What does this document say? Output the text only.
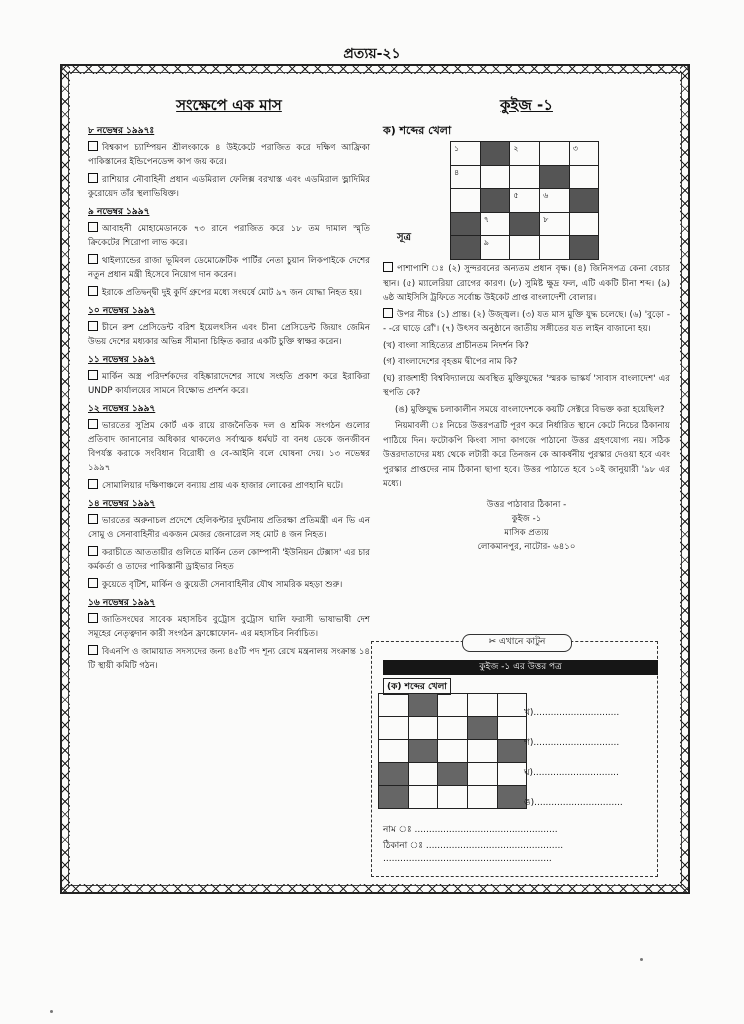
প্রত্যয়-২১
সংক্ষেপে এক মাস
৮ নভেম্বর ১৯৯৭ঃ
বিশ্বকাপ চ্যাম্পিয়ন শ্রীলংকাকে ৪ উইকেটে পরাজিত করে দক্ষিণ আফ্রিকা পাকিস্তানের ইন্ডিপেনডেন্স কাপ জয় করে।
রাশিয়ার নৌবাহিনী প্রধান এডমিরাল ফেলিক্স বরখাস্ত এবং এডমিরাল ভ্লাদিমির কুরোয়েদ তাঁর স্থলাভিষিক্ত।
৯ নভেম্বর ১৯৯৭
আবাহনী মোহামেডানকে ৭৩ রানে পরাজিত করে ১৮ তম দামাল স্মৃতি ক্রিকেটের শিরোপা লাভ করে।
থাইল্যান্ডের রাজা ভূমিবল ডেমোক্রেটিক পার্টির নেতা চুয়ান লিকপাইকে দেশের নতুন প্রধান মন্ত্রী হিসেবে নিয়োগ দান করেন।
ইরাকে প্রতিদ্বন্দ্বী দুই কুর্দি গ্রুপের মধ্যে সংঘর্ষে মোট ৯৭ জন যোদ্ধা নিহত হয়।
১০ নভেম্বর ১৯৯৭
চীনে রুশ প্রেসিডেন্ট বরিশ ইয়েলৎসিন এবং চীনা প্রেসিডেন্ট জিয়াং জেমিন উভয় দেশের মধ্যকার অভিন্ন সীমানা চিহ্নিত করার একটি চুক্তি স্বাক্ষর করেন।
১১ নভেম্বর ১৯৯৭
মার্কিন অস্ত্র পরিদর্শকদের বহিষ্কারাদেশের সাথে সংহতি প্রকাশ করে ইরাকিরা UNDP কার্যালয়ের সামনে বিক্ষোভ প্রদর্শন করে।
১২ নভেম্বর ১৯৯৭
ভারতের সুপ্রিম কোর্ট এক রায়ে রাজনৈতিক দল ও শ্রমিক সংগঠন গুলোর প্রতিবাদ জানানোর অধিকার থাকলেও সর্বাত্মক ধর্মঘট বা বনধ ডেকে জনজীবন বিপর্যস্ত করাকে সংবিধান বিরোধী ও বে-আইনি বলে ঘোষনা দেয়। ১৩ নভেম্বর ১৯৯৭
সোমালিয়ার দক্ষিণাঞ্চলে বন্যায় প্রায় এক হাজার লোকের প্রাণহানি ঘটে।
১৪ নভেম্বর ১৯৯৭
ভারতের অরুনাচল প্রদেশে হেলিকপ্টার দুর্ঘটনায় প্রতিরক্ষা প্রতিমন্ত্রী এন ভি এন সোমু ও সেনাবাহিনীর একজন মেজর জেনারেল সহ মোট ৪ জন নিহত।
করাচীতে আততায়ীর গুলিতে মার্কিন তেল কোম্পানী 'ইউনিয়ন টেক্সাস' এর চার কর্মকর্তা ও তাদের পাকিস্তানী ড্রাইভার নিহত
কুয়েতে বৃটিশ, মার্কিন ও কুয়েতী সেনাবাহিনীর যৌথ সামরিক মহড়া শুরু।
১৬ নভেম্বর ১৯৯৭
জাতিসংঘের সাবেক মহাসচিব বুট্রোস বুট্রোস ঘালি ফরাসী ভাষাভাষী দেশ সমূহের নেতৃত্বদান কারী সংগঠন ফ্রাঙ্কোফোন- এর মহাসচিব নির্বাচিত।
বিএনপি ও জামায়াত সদস্যদের জন্য ৪৫টি পদ শূন্য রেখে মন্ত্রনালয় সংক্রান্ত ১৪ টি স্থায়ী কমিটি গঠন।
কুইজ -১
ক) শব্দের খেলা
১		২		৩

৪				

		৫	৬	

	৭		৮	

	৯			

সূত্র

পাশাপাশি ঃ (২) সুন্দরবনের অন্যতম প্রধান বৃক্ষ। (৪) জিনিসপত্র কেনা বেচার স্থান। (৫) ম্যালেরিয়া রোগের কারণ। (৮) সুমিষ্ট ক্ষুদ্র ফল, এটি একটি চীনা শব্দ। (৯) ৬ষ্ঠ আইসিসি ট্রফিতে সর্বোচ্চ উইকেট প্রাপ্ত বাংলাদেশী বোলার।

উপর নীচঃ (১) প্রান্ত। (২) উজ্জ্বল। (৩) যত মাস মুক্তি যুদ্ধ চলেছে। (৬) 'বুড়ো -- -রে ঘাড়ে রোঁ'। (৭) উৎসব অনুষ্ঠানে জাতীয় সঙ্গীতের যত লাইন বাজানো হয়।

(খ) বাংলা সাহিত্যের প্রাচীনতম নিদর্শন কি?

(গ) বাংলাদেশের বৃহত্তম দ্বীপের নাম কি?

(ঘ) রাজশাহী বিশ্ববিদ্যালয়ে অবস্থিত মুক্তিযুদ্ধের 'স্মরক ভাস্কর্য 'সাবাস বাংলাদেশ' এর স্থপতি কে?

(ঙ) মুক্তিযুদ্ধ চলাকালীন সময়ে বাংলাদেশকে কয়টি সেক্টরে বিভক্ত করা হয়েছিল?

নিয়মাবলী ঃ নিচের উত্তরপত্রটি পূরণ করে নির্ধারিত স্থানে কেটে নিচের ঠিকানায় পাঠিয়ে দিন। ফটোকপি কিংবা সাদা কাগজে পাঠানো উত্তর গ্রহণযোগ্য নয়। সঠিক উত্তরদাতাদের মধ্য থেকে লটারী করে তিনজন কে আকর্ষনীয় পুরস্কার দেওয়া হবে এবং পুরস্কার প্রাপ্তদের নাম ঠিকানা ছাপা হবে। উত্তর পাঠাতে হবে ১০ই জানুয়ারী '৯৮ এর মধ্যে।

উত্তর পাঠাবার ঠিকানা -
কুইজ -১
মাসিক প্রত্যয়
লোকমানপুর, নাটোর- ৬৪১০
✂ এখানে কাটুন
কুইজ -১ এর উত্তর পত্র
(ক) শব্দের খেলা

খ)..............................
গ)..............................
ঘ)..............................
ঙ)...............................
নাম ঃ ..................................................
ঠিকানা ঃ ................................................
...........................................................
